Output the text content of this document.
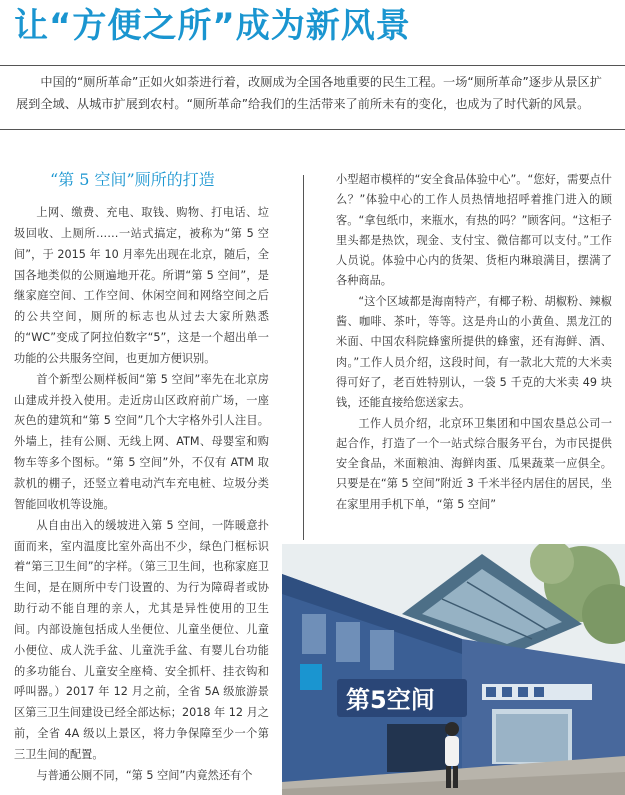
让“方便之所”成为新风景

中国的“厕所革命”正如火如荼进行着，改厕成为全国各地重要的民生工程。一场“厕所革命”逐步从景区扩展到全域、从城市扩展到农村。“厕所革命”给我们的生活带来了前所未有的变化，也成为了时代新的风景。

“第 5 空间”厕所的打造

上网、缴费、充电、取钱、购物、打电话、垃圾回收、上厕所……一站式搞定，被称为“第 5 空间”，于 2015 年 10 月率先出现在北京，随后，全国各地类似的公厕遍地开花。所谓“第 5 空间”，是继家庭空间、工作空间、休闲空间和网络空间之后的公共空间，厕所的标志也从过去大家所熟悉的“WC”变成了阿拉伯数字“5”，这是一个超出单一功能的公共服务空间，也更加方便识别。

首个新型公厕样板间“第 5 空间”率先在北京房山建成并投入使用。走近房山区政府前广场，一座灰色的建筑和“第 5 空间”几个大字格外引人注目。外墙上，挂有公厕、无线上网、ATM、母婴室和购物车等多个图标。“第 5 空间”外，不仅有 ATM 取款机的棚子，还竖立着电动汽车充电桩、垃圾分类智能回收机等设施。

从自由出入的缓坡进入第 5 空间，一阵暖意扑面而来，室内温度比室外高出不少，绿色门框标识着“第三卫生间”的字样。（第三卫生间，也称家庭卫生间，是在厕所中专门设置的、为行为障碍者或协助行动不能自理的亲人，尤其是异性使用的卫生间。内部设施包括成人坐便位、儿童坐便位、儿童小便位、成人洗手盆、儿童洗手盆、有婴儿台功能的多功能台、儿童安全座椅、安全抓杆、挂衣钩和呼叫器。）2017 年 12 月之前，全省 5A 级旅游景区第三卫生间建设已经全部达标；2018 年 12 月之前，全省 4A 级以上景区，将力争保障至少一个第三卫生间的配置。

与普通公厕不同，“第 5 空间”内竟然还有个

小型超市模样的“安全食品体验中心”。“您好，需要点什么？”体验中心的工作人员热情地招呼着推门进入的顾客。“拿包纸巾，来瓶水，有热的吗？”顾客问。“这柜子里头都是热饮，现金、支付宝、微信都可以支付。”工作人员说。体验中心内的货架、货柜内琳琅满目，摆满了各种商品。

“这个区域都是海南特产，有椰子粉、胡椒粉、辣椒酱、咖啡、茶叶，等等。这是舟山的小黄鱼、黑龙江的米面、中国农科院蜂蜜所提供的蜂蜜，还有海鲜、酒、肉。”工作人员介绍，这段时间，有一款北大荒的大米卖得可好了，老百姓特别认，一袋 5 千克的大米卖 49 块钱，还能直接给您送家去。

工作人员介绍，北京环卫集团和中国农垦总公司一起合作，打造了一个一站式综合服务平台，为市民提供安全食品，米面粮油、海鲜肉蛋、瓜果蔬菜一应俱全。只要是在“第 5 空间”附近 3 千米半径内居住的居民，坐在家里用手机下单，“第 5 空间”

第5空间
